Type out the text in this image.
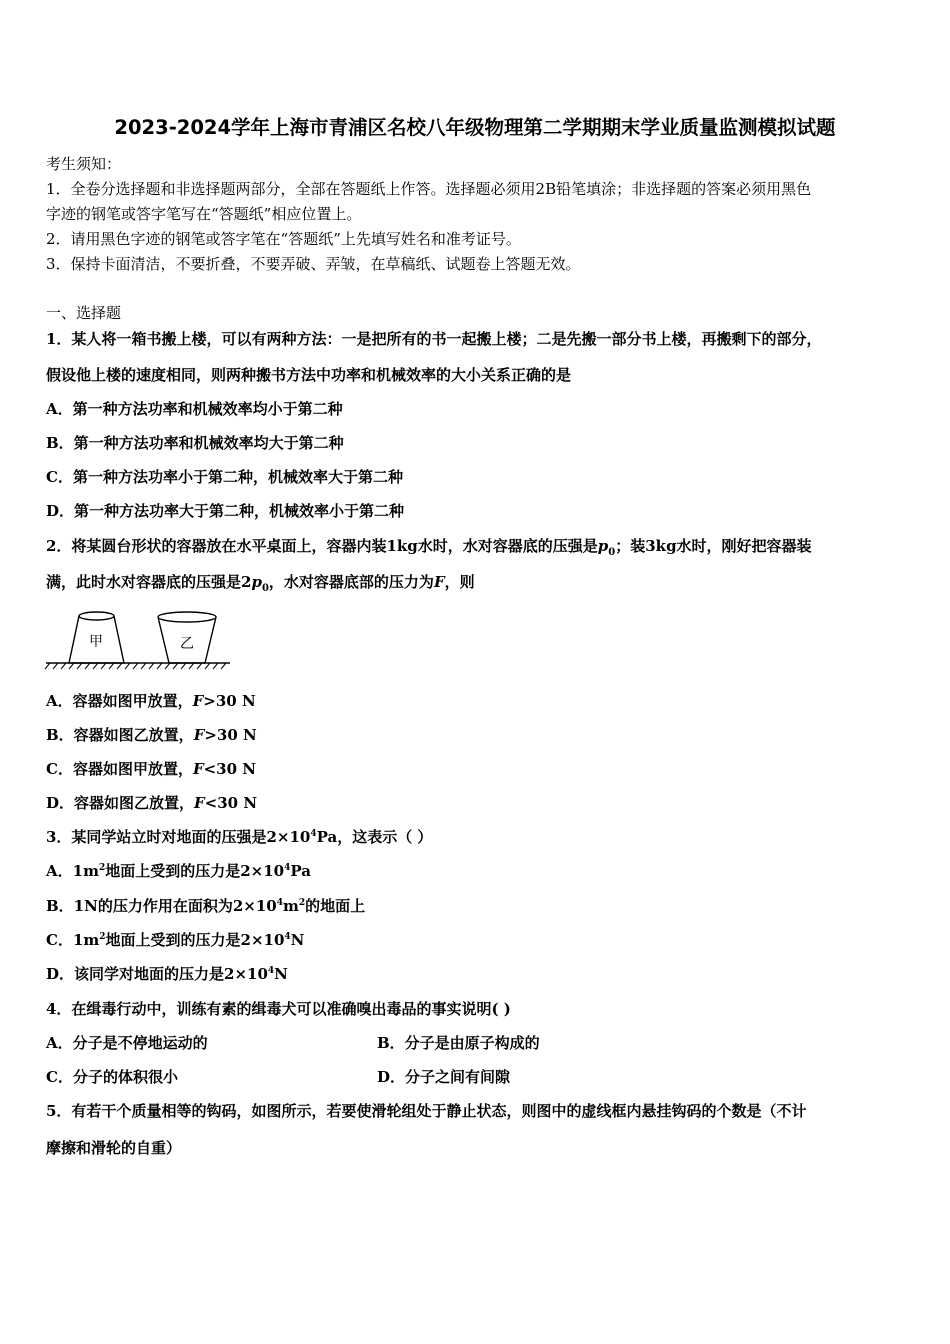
2023-2024学年上海市青浦区名校八年级物理第二学期期末学业质量监测模拟试题
考生须知：
1．全卷分选择题和非选择题两部分，全部在答题纸上作答。选择题必须用2B铅笔填涂；非选择题的答案必须用黑色
字迹的钢笔或答字笔写在“答题纸”相应位置上。
2．请用黑色字迹的钢笔或答字笔在“答题纸”上先填写姓名和准考证号。
3．保持卡面清洁，不要折叠，不要弄破、弄皱，在草稿纸、试题卷上答题无效。
一、选择题
1．某人将一箱书搬上楼，可以有两种方法：一是把所有的书一起搬上楼；二是先搬一部分书上楼，再搬剩下的部分，
假设他上楼的速度相同，则两种搬书方法中功率和机械效率的大小关系正确的是
A．第一种方法功率和机械效率均小于第二种
B．第一种方法功率和机械效率均大于第二种
C．第一种方法功率小于第二种，机械效率大于第二种
D．第一种方法功率大于第二种，机械效率小于第二种
2．将某圆台形状的容器放在水平桌面上，容器内装1kg水时，水对容器底的压强是$p_0$；装3kg水时，刚好把容器装
满，此时水对容器底的压强是$2p_0$，水对容器底部的压力为F，则
甲	乙
A．容器如图甲放置，F>30 N
B．容器如图乙放置，F>30 N
C．容器如图甲放置，F<30 N
D．容器如图乙放置，F<30 N
3．某同学站立时对地面的压强是$2\times 10^4Pa$，这表示（ ）
A．$1m^2$地面上受到的压力是$2\times 10^4Pa$
B．1N的压力作用在面积为$2\times 10^4m^2$的地面上
C．$1m^2$地面上受到的压力是$2\times 10^4N$
D．该同学对地面的压力是$2\times 10^4N$
4．在缉毒行动中，训练有素的缉毒犬可以准确嗅出毒品的事实说明( )
A．分子是不停地运动的	B．分子是由原子构成的
C．分子的体积很小	D．分子之间有间隙
5．有若干个质量相等的钩码，如图所示，若要使滑轮组处于静止状态，则图中的虚线框内悬挂钩码的个数是（不计
摩擦和滑轮的自重）
